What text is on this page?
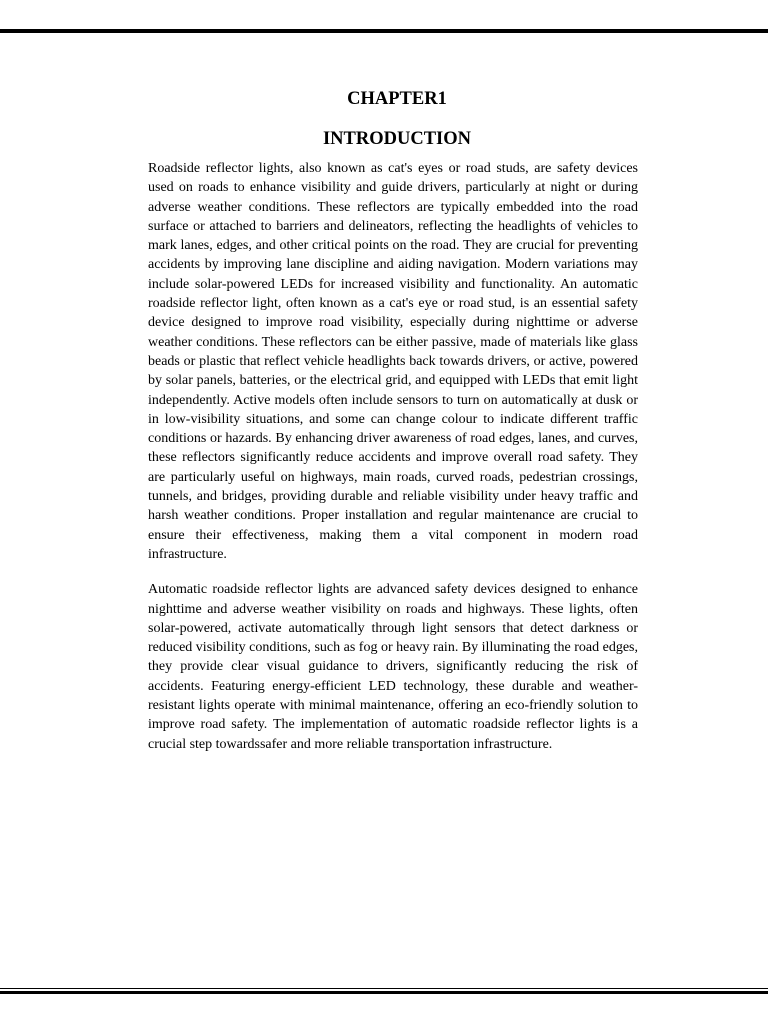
CHAPTER1
INTRODUCTION

Roadside reflector lights, also known as cat's eyes or road studs, are safety devices used on roads to enhance visibility and guide drivers, particularly at night or during adverse weather conditions. These reflectors are typically embedded into the road surface or attached to barriers and delineators, reflecting the headlights of vehicles to mark lanes, edges, and other critical points on the road. They are crucial for preventing accidents by improving lane discipline and aiding navigation. Modern variations may include solar-powered LEDs for increased visibility and functionality. An automatic roadside reflector light, often known as a cat's eye or road stud, is an essential safety device designed to improve road visibility, especially during nighttime or adverse weather conditions. These reflectors can be either passive, made of materials like glass beads or plastic that reflect vehicle headlights back towards drivers, or active, powered by solar panels, batteries, or the electrical grid, and equipped with LEDs that emit light independently. Active models often include sensors to turn on automatically at dusk or in low-visibility situations, and some can change colour to indicate different traffic conditions or hazards. By enhancing driver awareness of road edges, lanes, and curves, these reflectors significantly reduce accidents and improve overall road safety. They are particularly useful on highways, main roads, curved roads, pedestrian crossings, tunnels, and bridges, providing durable and reliable visibility under heavy traffic and harsh weather conditions. Proper installation and regular maintenance are crucial to ensure their effectiveness, making them a vital component in modern road infrastructure.

Automatic roadside reflector lights are advanced safety devices designed to enhance nighttime and adverse weather visibility on roads and highways. These lights, often solar-powered, activate automatically through light sensors that detect darkness or reduced visibility conditions, such as fog or heavy rain. By illuminating the road edges, they provide clear visual guidance to drivers, significantly reducing the risk of accidents. Featuring energy-efficient LED technology, these durable and weather-resistant lights operate with minimal maintenance, offering an eco-friendly solution to improve road safety. The implementation of automatic roadside reflector lights is a crucial step towardssafer and more reliable transportation infrastructure.
